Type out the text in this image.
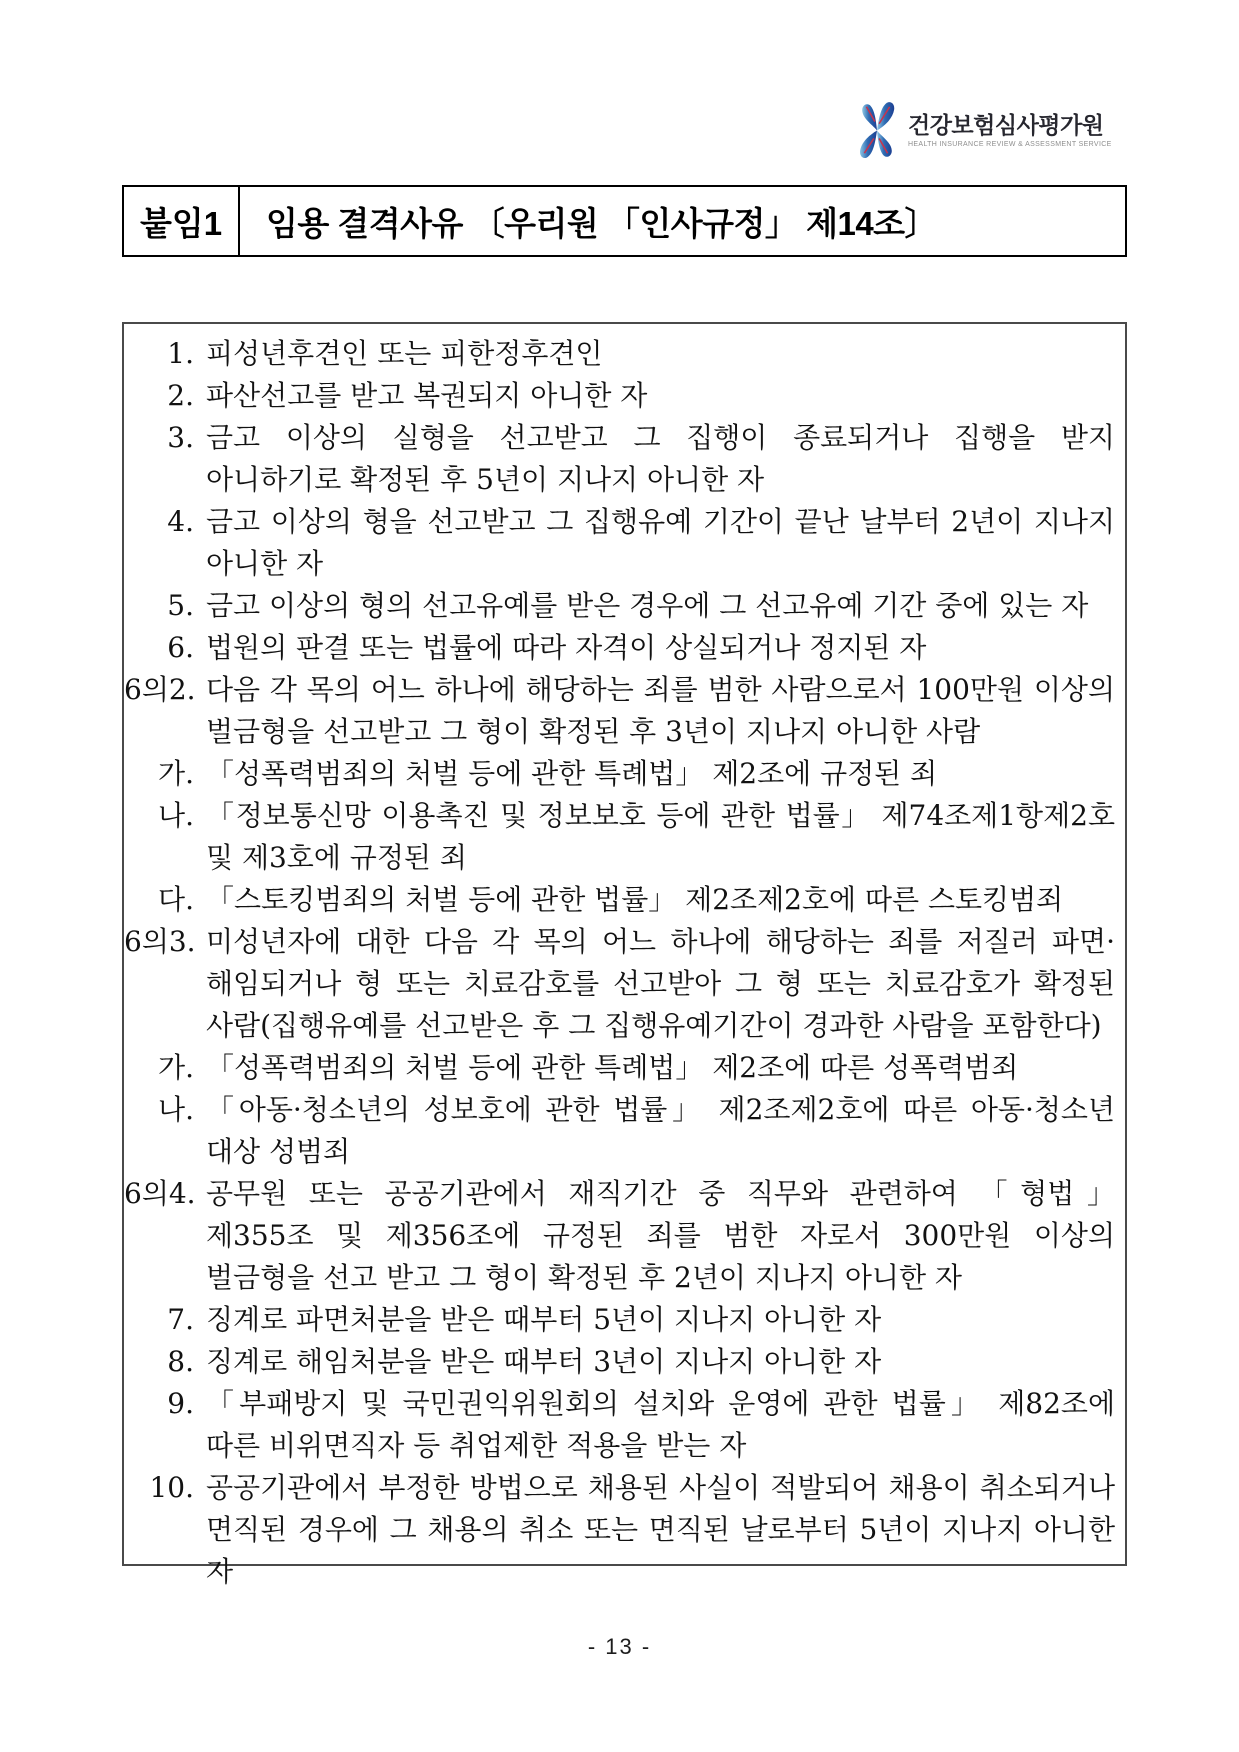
건강보험심사평가원
HEALTH INSURANCE REVIEW & ASSESSMENT SERVICE
붙임1	임용 결격사유 〔우리원 「인사규정」 제14조〕
1. 피성년후견인 또는 피한정후견인
2. 파산선고를 받고 복권되지 아니한 자
3. 금고 이상의 실형을 선고받고 그 집행이 종료되거나 집행을 받지 아니하기로 확정된 후 5년이 지나지 아니한 자
4. 금고 이상의 형을 선고받고 그 집행유예 기간이 끝난 날부터 2년이 지나지 아니한 자
5. 금고 이상의 형의 선고유예를 받은 경우에 그 선고유예 기간 중에 있는 자
6. 법원의 판결 또는 법률에 따라 자격이 상실되거나 정지된 자
6의2. 다음 각 목의 어느 하나에 해당하는 죄를 범한 사람으로서 100만원 이상의 벌금형을 선고받고 그 형이 확정된 후 3년이 지나지 아니한 사람
가. 「성폭력범죄의 처벌 등에 관한 특례법」 제2조에 규정된 죄
나. 「정보통신망 이용촉진 및 정보보호 등에 관한 법률」 제74조제1항제2호 및 제3호에 규정된 죄
다. 「스토킹범죄의 처벌 등에 관한 법률」 제2조제2호에 따른 스토킹범죄
6의3. 미성년자에 대한 다음 각 목의 어느 하나에 해당하는 죄를 저질러 파면·해임되거나 형 또는 치료감호를 선고받아 그 형 또는 치료감호가 확정된 사람(집행유예를 선고받은 후 그 집행유예기간이 경과한 사람을 포함한다)
가. 「성폭력범죄의 처벌 등에 관한 특례법」 제2조에 따른 성폭력범죄
나. 「아동·청소년의 성보호에 관한 법률」 제2조제2호에 따른 아동·청소년 대상 성범죄
6의4. 공무원 또는 공공기관에서 재직기간 중 직무와 관련하여 「형법」 제355조 및 제356조에 규정된 죄를 범한 자로서 300만원 이상의 벌금형을 선고 받고 그 형이 확정된 후 2년이 지나지 아니한 자
7. 징계로 파면처분을 받은 때부터 5년이 지나지 아니한 자
8. 징계로 해임처분을 받은 때부터 3년이 지나지 아니한 자
9. 「부패방지 및 국민권익위원회의 설치와 운영에 관한 법률」 제82조에 따른 비위면직자 등 취업제한 적용을 받는 자
10. 공공기관에서 부정한 방법으로 채용된 사실이 적발되어 채용이 취소되거나 면직된 경우에 그 채용의 취소 또는 면직된 날로부터 5년이 지나지 아니한 자
- 13 -
